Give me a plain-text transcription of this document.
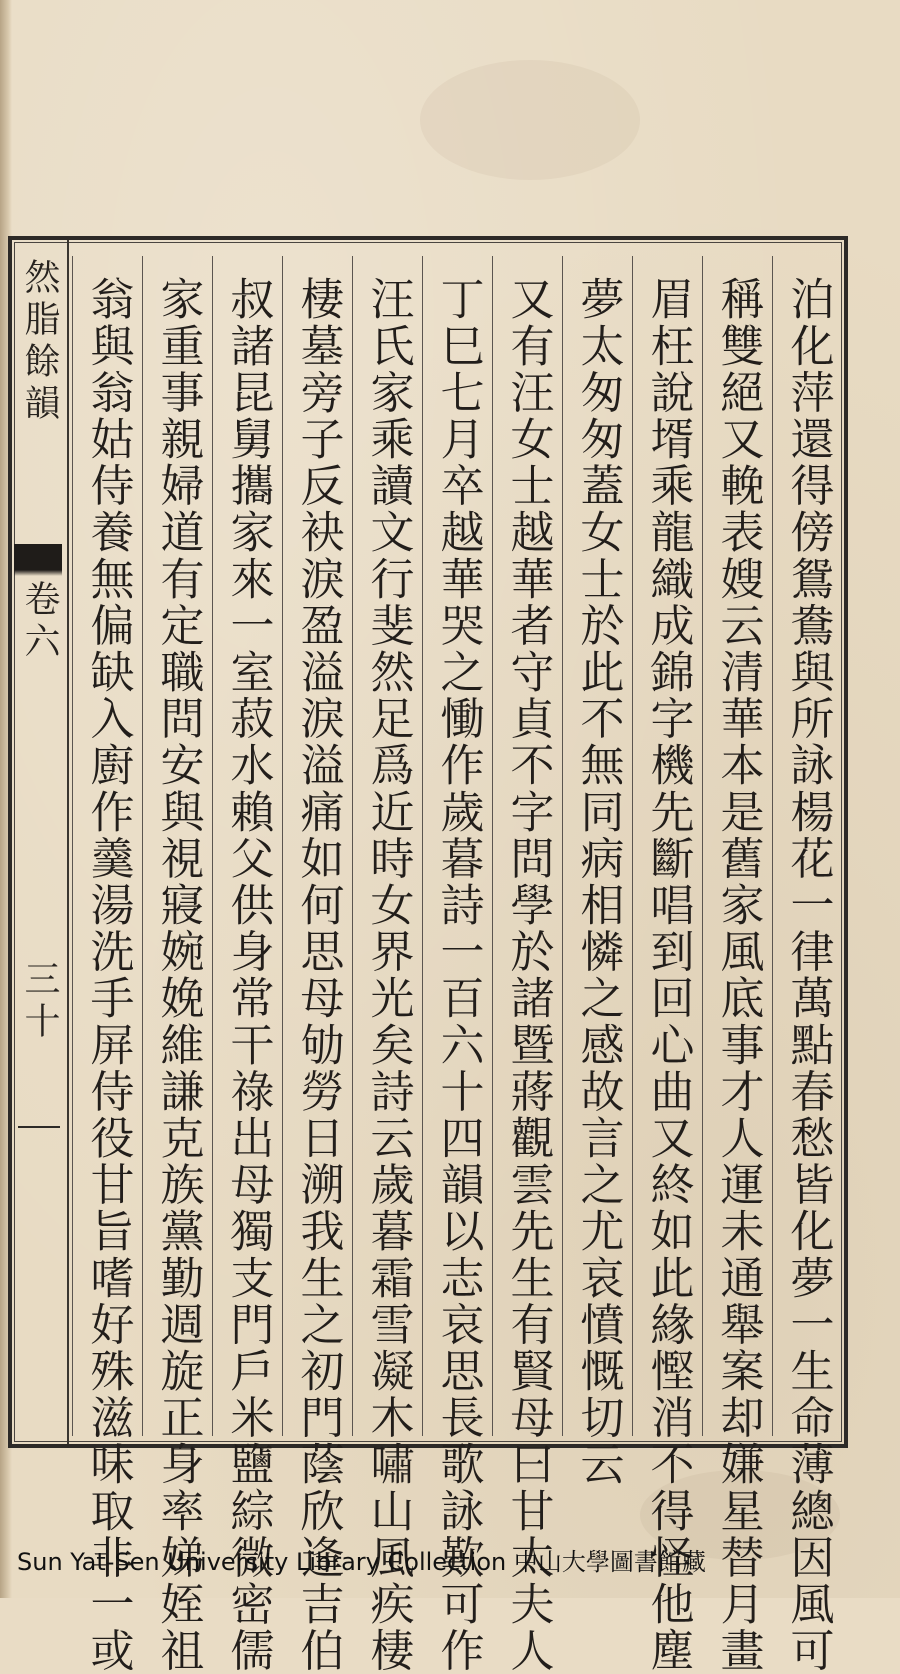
然脂餘韻
卷六
三十	泊化萍還得傍鴛鴦與所詠楊花一律萬點春愁皆化夢一生命薄總因風可
稱雙絕又輓表嫂云清華本是舊家風底事才人運未通舉案却嫌星替月畫
眉枉說壻乘龍織成錦字機先斷唱到回心曲又終如此緣慳消不得怪他塵
夢太匆匆蓋女士於此不無同病相憐之感故言之尤哀憤慨切云
又有汪女士越華者守貞不字問學於諸暨蔣觀雲先生有賢母曰甘太夫人
丁巳七月卒越華哭之慟作歲暮詩一百六十四韻以志哀思長歌詠歎可作
汪氏家乘讀文行斐然足爲近時女界光矣詩云歲暮霜雪凝木嘯山風疾棲
棲墓旁子反袂淚盈溢淚溢痛如何思母劬勞日溯我生之初門蔭欣逢吉伯
叔諸昆舅攜家來一室菽水賴父供身常干祿出母獨支門戶米鹽綜微密儒
家重事親婦道有定職問安與視寢婉娩維謙克族黨勤週旋正身率娣姪祖
翁與翁姑侍養無偏缺入廚作羹湯洗手屏侍役甘旨嗜好殊滋味取非一或
Sun Yat-Sen University Library Collection 中山大學圖書館藏
